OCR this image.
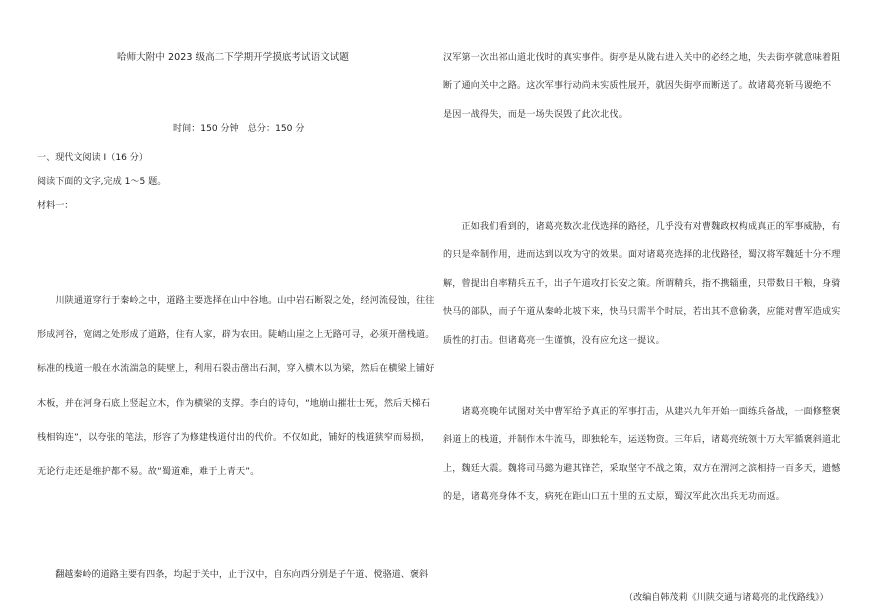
哈师大附中 2023 级高二下学期开学摸底考试语文试题
时间：150 分钟　总分：150 分
一、现代文阅读 I（16 分）
阅读下面的文字,完成 1～5 题。
材料一：
　　川陕通道穿行于秦岭之中，道路主要选择在山中谷地。山中岩石断裂之处，经河流侵蚀，往往
形成河谷，宽阔之处形成了道路，住有人家，辟为农田。陡峭山崖之上无路可寻，必须开凿栈道。
标准的栈道一般在水流湍急的陡壁上，利用石裂击凿出石洞，穿入横木以为梁，然后在横梁上铺好
木板，并在河身石底上竖起立木，作为横梁的支撑。李白的诗句，“地崩山摧壮士死，然后天梯石
栈相钩连”，以夸张的笔法，形容了为修建栈道付出的代价。不仅如此，铺好的栈道狭窄而易损，
无论行走还是维护都不易。故“蜀道难，难于上青天”。
　　翻越秦岭的道路主要有四条，均起于关中，止于汉中，自东向西分别是子午道、傥骆道、褒斜
汉军第一次出祁山道北伐时的真实事件。街亭是从陇右进入关中的必经之地，失去街亭就意味着阻
断了通向关中之路。这次军事行动尚未实质性展开，就因失街亭而断送了。故诸葛亮斩马谡绝不
是因一战得失，而是一场失误毁了此次北伐。
　　正如我们看到的，诸葛亮数次北伐选择的路径，几乎没有对曹魏政权构成真正的军事威胁，有
的只是牵制作用，进而达到以攻为守的效果。面对诸葛亮选择的北伐路径，蜀汉将军魏延十分不理
解，曾提出自率精兵五千，出子午道攻打长安之策。所谓精兵，指不携辎重，只带数日干粮，身骑
快马的部队，而子午道从秦岭北坡下来，快马只需半个时辰，若出其不意偷袭，应能对曹军造成实
质性的打击。但诸葛亮一生谨慎，没有应允这一提议。
　　诸葛亮晚年试图对关中曹军给予真正的军事打击，从建兴九年开始一面练兵备战，一面修整褒
斜道上的栈道，并制作木牛流马，即独轮车，运送物资。三年后，诸葛亮统领十万大军循褒斜道北
上，魏廷大震。魏将司马懿为避其锋芒，采取坚守不战之策，双方在渭河之滨相持一百多天，遗憾
的是，诸葛亮身体不支，病死在距山口五十里的五丈原，蜀汉军此次出兵无功而返。
（改编自韩茂莉《川陕交通与诸葛亮的北伐路线》）
